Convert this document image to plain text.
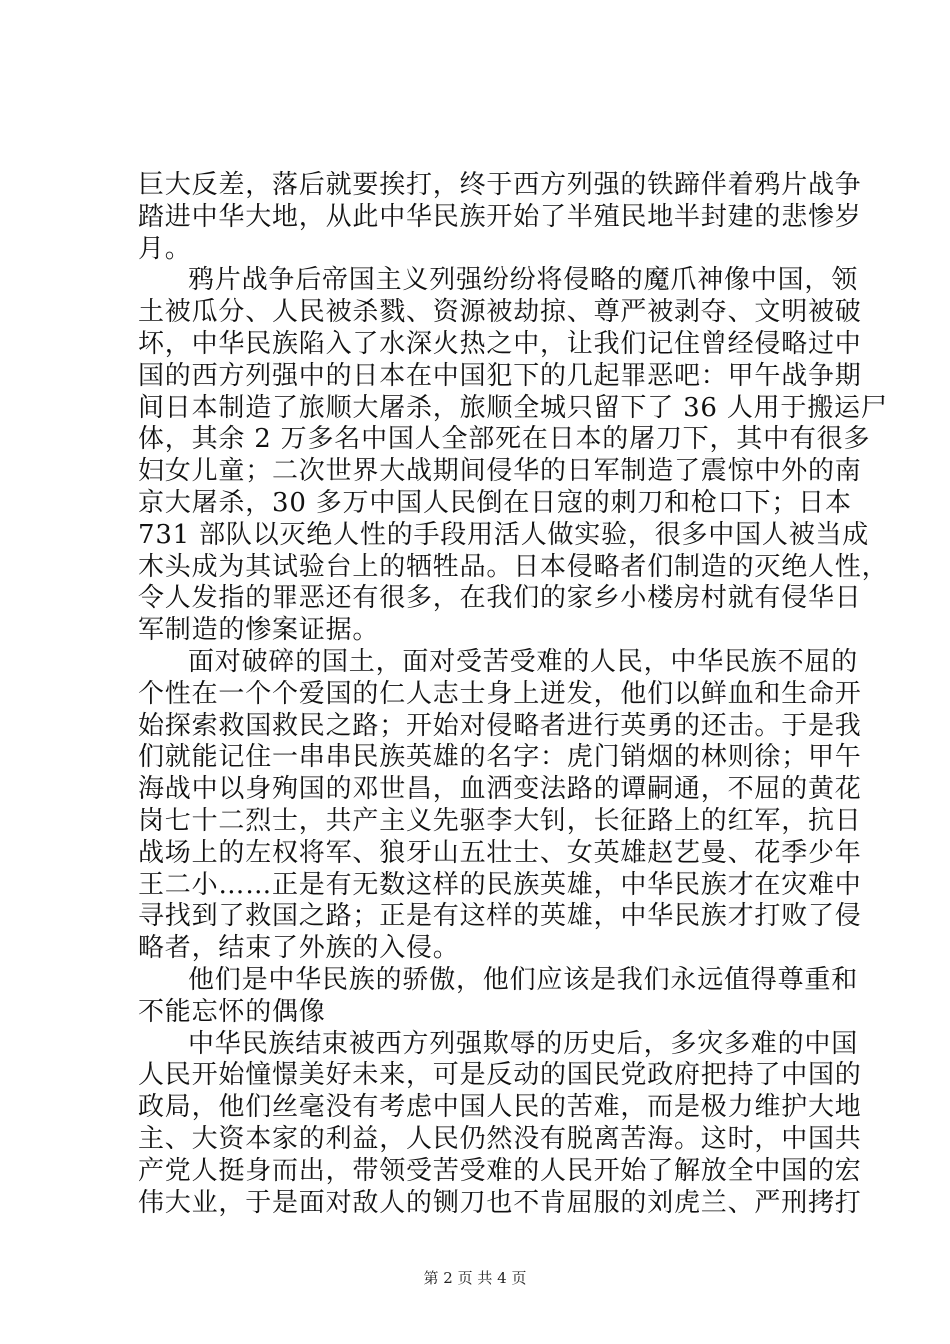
巨大反差，落后就要挨打，终于西方列强的铁蹄伴着鸦片战争
踏进中华大地，从此中华民族开始了半殖民地半封建的悲惨岁
月。
鸦片战争后帝国主义列强纷纷将侵略的魔爪神像中国，领
土被瓜分、人民被杀戮、资源被劫掠、尊严被剥夺、文明被破
坏，中华民族陷入了水深火热之中，让我们记住曾经侵略过中
国的西方列强中的日本在中国犯下的几起罪恶吧：甲午战争期
间日本制造了旅顺大屠杀，旅顺全城只留下了 36 人用于搬运尸
体，其余 2 万多名中国人全部死在日本的屠刀下，其中有很多
妇女儿童；二次世界大战期间侵华的日军制造了震惊中外的南
京大屠杀，30 多万中国人民倒在日寇的刺刀和枪口下；日本
731 部队以灭绝人性的手段用活人做实验，很多中国人被当成
木头成为其试验台上的牺牲品。日本侵略者们制造的灭绝人性，
令人发指的罪恶还有很多，在我们的家乡小楼房村就有侵华日
军制造的惨案证据。
面对破碎的国土，面对受苦受难的人民，中华民族不屈的
个性在一个个爱国的仁人志士身上迸发，他们以鲜血和生命开
始探索救国救民之路；开始对侵略者进行英勇的还击。于是我
们就能记住一串串民族英雄的名字：虎门销烟的林则徐；甲午
海战中以身殉国的邓世昌，血洒变法路的谭嗣通，不屈的黄花
岗七十二烈士，共产主义先驱李大钊，长征路上的红军，抗日
战场上的左权将军、狼牙山五壮士、女英雄赵艺曼、花季少年
王二小……正是有无数这样的民族英雄，中华民族才在灾难中
寻找到了救国之路；正是有这样的英雄，中华民族才打败了侵
略者，结束了外族的入侵。
他们是中华民族的骄傲，他们应该是我们永远值得尊重和
不能忘怀的偶像
中华民族结束被西方列强欺辱的历史后，多灾多难的中国
人民开始憧憬美好未来，可是反动的国民党政府把持了中国的
政局，他们丝毫没有考虑中国人民的苦难，而是极力维护大地
主、大资本家的利益，人民仍然没有脱离苦海。这时，中国共
产党人挺身而出，带领受苦受难的人民开始了解放全中国的宏
伟大业，于是面对敌人的铡刀也不肯屈服的刘虎兰、严刑拷打
第 2 页 共 4 页
